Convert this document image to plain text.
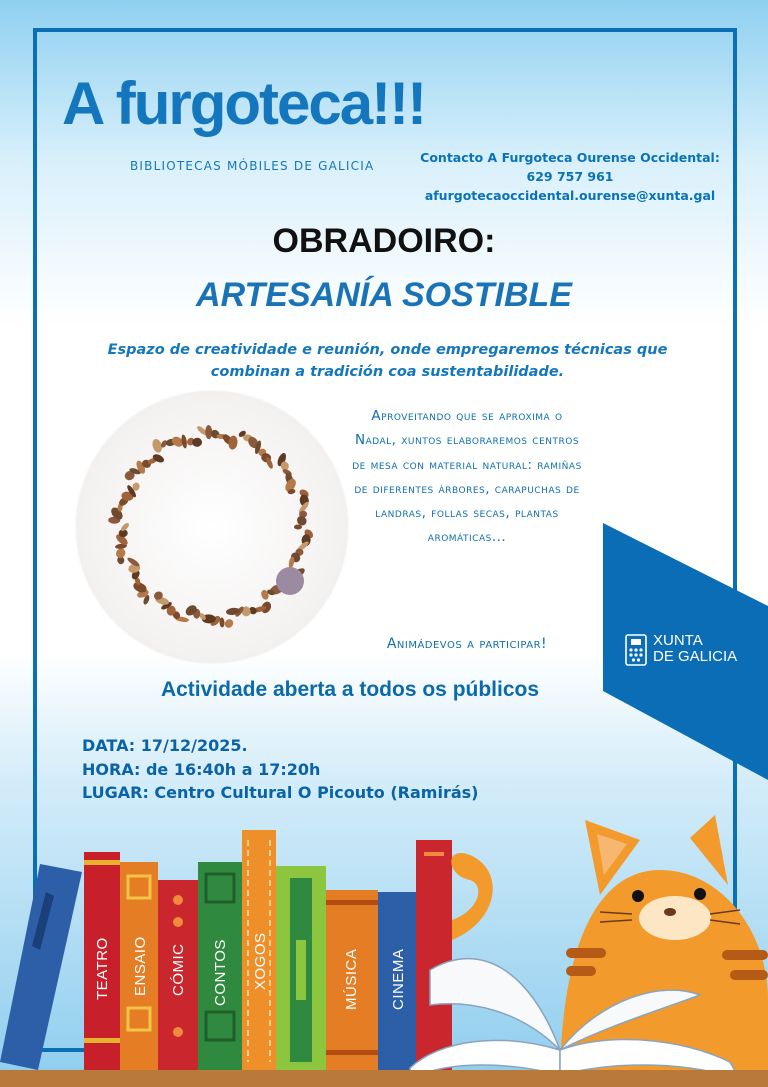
A furgoteca!!!
BIBLIOTECAS MÓBILES DE GALICIA
Contacto A Furgoteca Ourense Occidental:
629 757 961
afurgotecaoccidental.ourense@xunta.gal
OBRADOIRO:
ARTESANÍA SOSTIBLE
Espazo de creatividade e reunión, onde empregaremos técnicas que combinan a tradición coa sustentabilidade.
Aproveitando que se aproxima o Nadal, xuntos elaboraremos centros de mesa con material natural: ramiñas de diferentes árbores, carapuchas de landras, follas secas, plantas aromáticas...
Animádevos a participar!	XUNTA
DE GALICIA
Actividade aberta a todos os públicos
DATA: 17/12/2025.
HORA: de 16:40h a 17:20h
LUGAR: Centro Cultural O Picouto (Ramirás)
TEATRO ENSAIO CÓMIC CONTOS XOGOS	MÚSICA CINEMA
